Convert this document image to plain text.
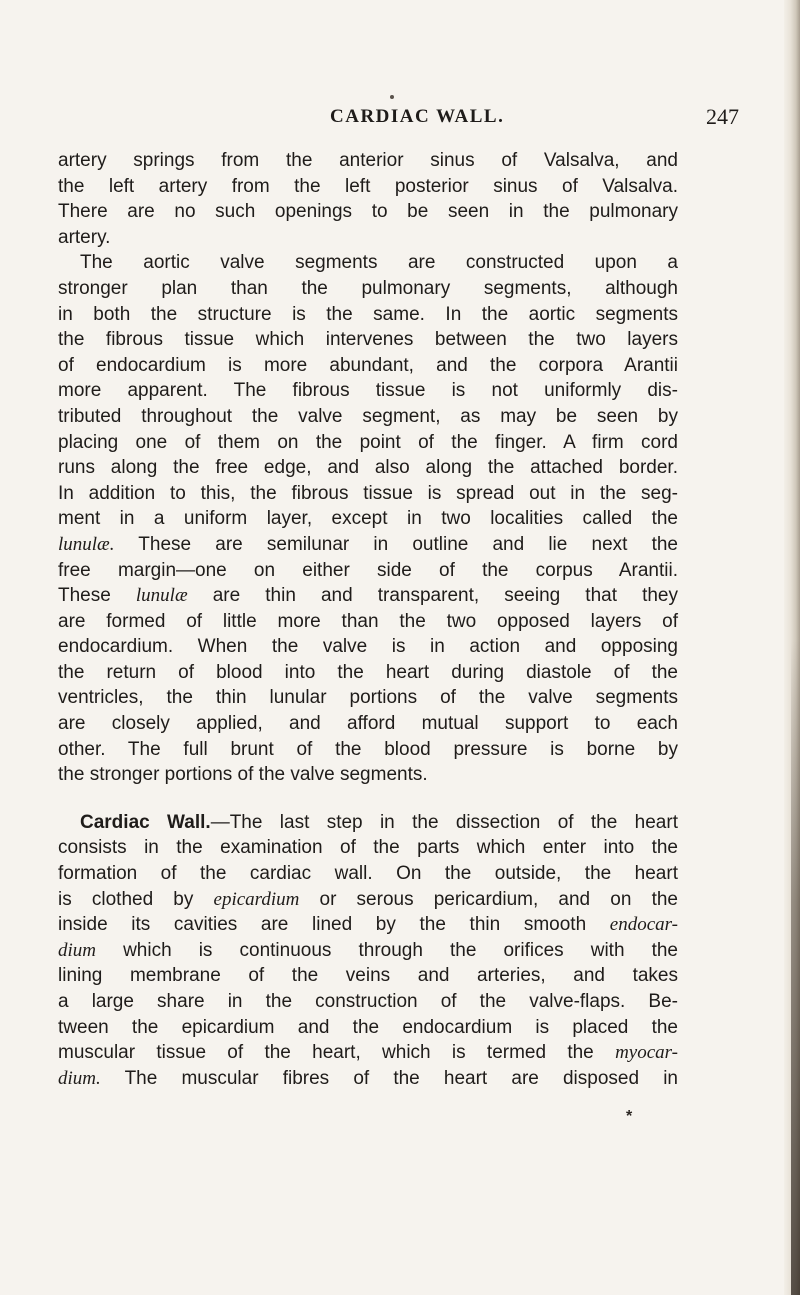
CARDIAC WALL.	247
artery springs from the anterior sinus of Valsalva, and
the left artery from the left posterior sinus of Valsalva.
There are no such openings to be seen in the pulmonary
artery.
The aortic valve segments are constructed upon a
stronger plan than the pulmonary segments, although
in both the structure is the same. In the aortic segments
the fibrous tissue which intervenes between the two layers
of endocardium is more abundant, and the corpora Arantii
more apparent. The fibrous tissue is not uniformly dis-
tributed throughout the valve segment, as may be seen by
placing one of them on the point of the finger. A firm cord
runs along the free edge, and also along the attached border.
In addition to this, the fibrous tissue is spread out in the seg-
ment in a uniform layer, except in two localities called the
lunulæ. These are semilunar in outline and lie next the
free margin—one on either side of the corpus Arantii.
These lunulæ are thin and transparent, seeing that they
are formed of little more than the two opposed layers of
endocardium. When the valve is in action and opposing
the return of blood into the heart during diastole of the
ventricles, the thin lunular portions of the valve segments
are closely applied, and afford mutual support to each
other. The full brunt of the blood pressure is borne by
the stronger portions of the valve segments.
Cardiac Wall.—The last step in the dissection of the heart
consists in the examination of the parts which enter into the
formation of the cardiac wall. On the outside, the heart
is clothed by epicardium or serous pericardium, and on the
inside its cavities are lined by the thin smooth endocar-
dium which is continuous through the orifices with the
lining membrane of the veins and arteries, and takes
a large share in the construction of the valve-flaps. Be-
tween the epicardium and the endocardium is placed the
muscular tissue of the heart, which is termed the myocar-
dium. The muscular fibres of the heart are disposed in
*
